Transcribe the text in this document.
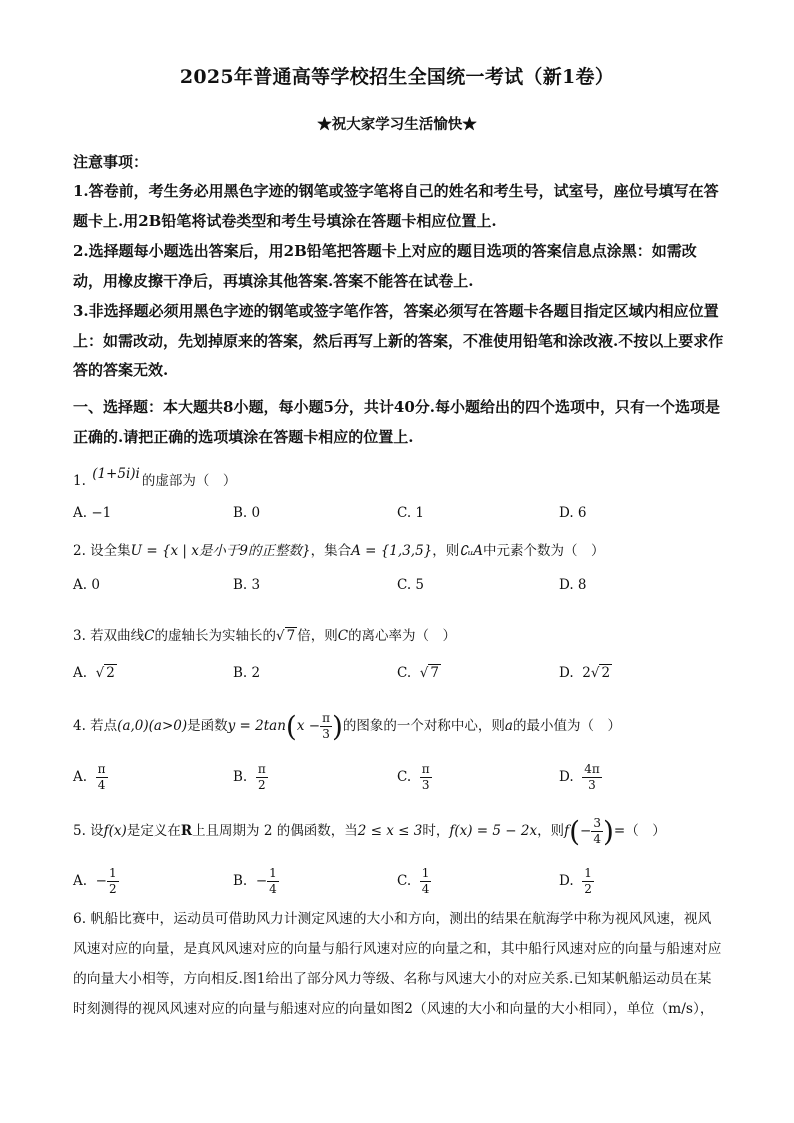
2025年普通高等学校招生全国统一考试（新1卷）
★祝大家学习生活愉快★
注意事项：
1.答卷前，考生务必用黑色字迹的钢笔或签字笔将自己的姓名和考生号，试室号，座位号填写在答题卡上.用2B铅笔将试卷类型和考生号填涂在答题卡相应位置上.
2.选择题每小题选出答案后，用2B铅笔把答题卡上对应的题目选项的答案信息点涂黑：如需改动，用橡皮擦干净后，再填涂其他答案.答案不能答在试卷上.
3.非选择题必须用黑色字迹的钢笔或签字笔作答，答案必须写在答题卡各题目指定区域内相应位置上：如需改动，先划掉原来的答案，然后再写上新的答案，不准使用铅笔和涂改液.不按以上要求作答的答案无效.
一、选择题：本大题共8小题，每小题5分，共计40分.每小题给出的四个选项中，只有一个选项是正确的.请把正确的选项填涂在答题卡相应的位置上.
1. (1+5i)i 的虚部为（　）
A. −1	B. 0	C. 1	D. 6
2. 设全集U = {x | x是小于9的正整数}，集合A = {1,3,5}，则∁ᵤA中元素个数为（　）
A. 0	B. 3	C. 5	D. 8
3. 若双曲线C的虚轴长为实轴长的√ 7 倍，则C的离心率为（　）
A. √ 2	B. 2	C. √ 7	D. 2√ 2
4. 若点(a,0)(a>0)是函数$y = 2\tan(x - \frac{\pi}{3}$ )的图象的一个对称中心，则a的最小值为（　）
A. $\frac{\pi}{4}$	B. $\frac{\pi}{2}$	C. $\frac{\pi}{3}$	D. $\frac{4\pi}{3}$
5. 设f(x)是定义在R上且周期为 2 的偶函数，当2 ≤ x ≤ 3时，f(x) = 5 − 2x，则$f(- \frac{3}{4}$ )=（　）
A. − $\frac{1}{2}$	B. − $\frac{1}{4}$	C. $\frac{1}{4}$	D. $\frac{1}{2}$
6. 帆船比赛中，运动员可借助风力计测定风速的大小和方向，测出的结果在航海学中称为视风风速，视风风速对应的向量，是真风风速对应的向量与船行风速对应的向量之和，其中船行风速对应的向量与船速对应的向量大小相等，方向相反.图1给出了部分风力等级、名称与风速大小的对应关系.已知某帆船运动员在某时刻测得的视风风速对应的向量与船速对应的向量如图2（风速的大小和向量的大小相同），单位（m/s），
